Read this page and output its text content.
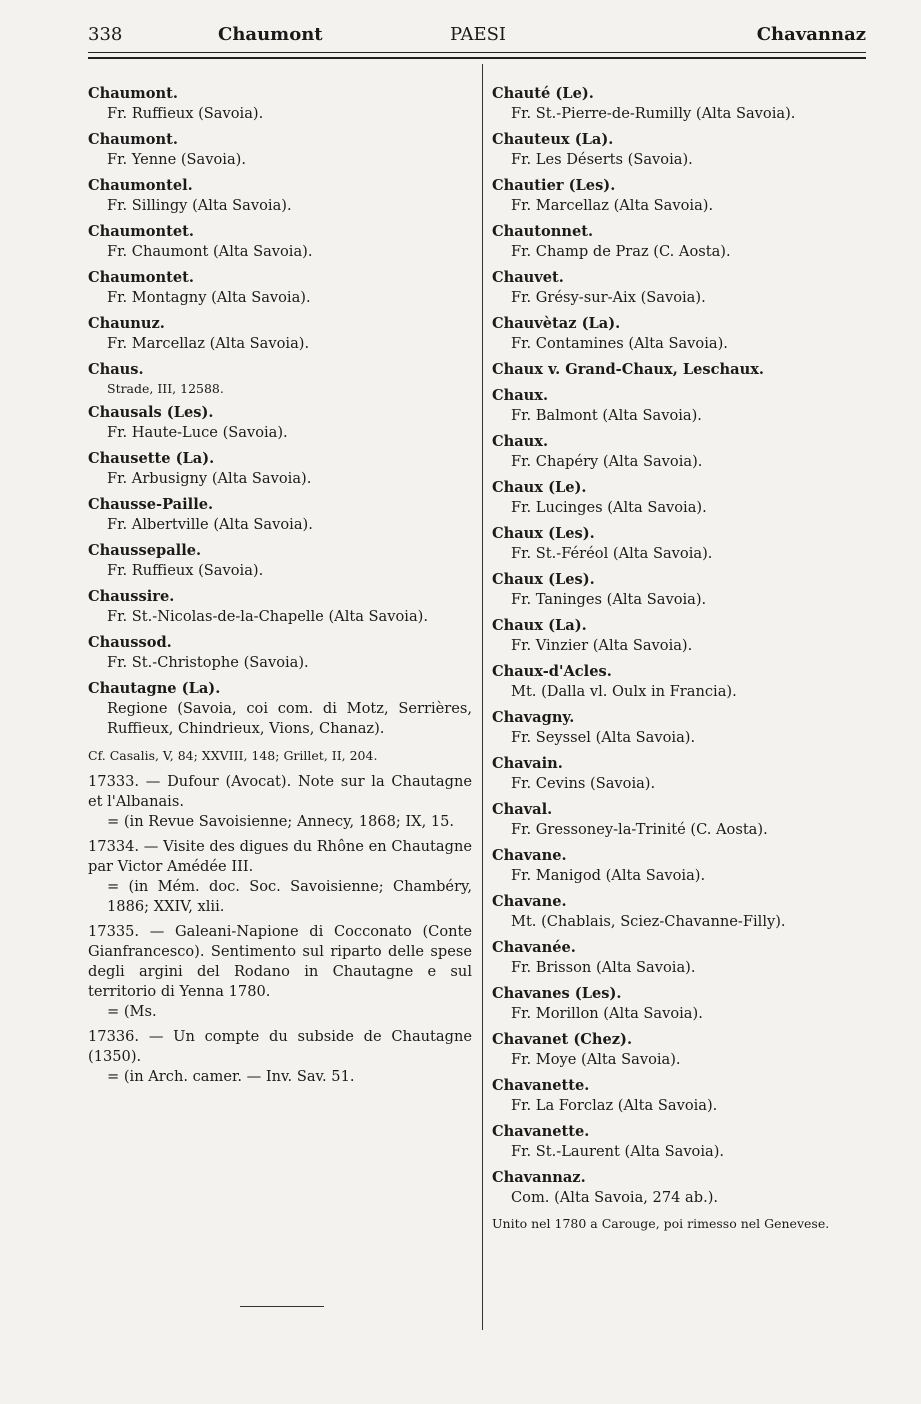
338	Chaumont	PAESI	Chavannaz
Chaumont.
Fr. Ruffieux (Savoia).
Chaumont.
Fr. Yenne (Savoia).
Chaumontel.
Fr. Sillingy (Alta Savoia).
Chaumontet.
Fr. Chaumont (Alta Savoia).
Chaumontet.
Fr. Montagny (Alta Savoia).
Chaunuz.
Fr. Marcellaz (Alta Savoia).
Chaus.
Strade, III, 12588.
Chausals (Les).
Fr. Haute-Luce (Savoia).
Chausette (La).
Fr. Arbusigny (Alta Savoia).
Chausse-Paille.
Fr. Albertville (Alta Savoia).
Chaussepalle.
Fr. Ruffieux (Savoia).
Chaussire.
Fr. St.-Nicolas-de-la-Chapelle (Alta Savoia).
Chaussod.
Fr. St.-Christophe (Savoia).
Chautagne (La).
Regione (Savoia, coi com. di Motz, Serrières, Ruffieux, Chindrieux, Vions, Chanaz).
Cf. Casalis, V, 84; XXVIII, 148; Grillet, II, 204.
17333. — Dufour (Avocat). Note sur la Chautagne et l'Albanais.
= (in Revue Savoisienne; Annecy, 1868; IX, 15.
17334. — Visite des digues du Rhône en Chautagne par Victor Amédée III.
= (in Mém. doc. Soc. Savoisienne; Chambéry, 1886; XXIV, xlii.
17335. — Galeani-Napione di Cocconato (Conte Gianfrancesco). Sentimento sul riparto delle spese degli argini del Rodano in Chautagne e sul territorio di Yenna 1780.
= (Ms.
17336. — Un compte du subside de Chautagne (1350).
= (in Arch. camer. — Inv. Sav. 51.
Chauté (Le).
Fr. St.-Pierre-de-Rumilly (Alta Savoia).
Chauteux (La).
Fr. Les Déserts (Savoia).
Chautier (Les).
Fr. Marcellaz (Alta Savoia).
Chautonnet.
Fr. Champ de Praz (C. Aosta).
Chauvet.
Fr. Grésy-sur-Aix (Savoia).
Chauvètaz (La).
Fr. Contamines (Alta Savoia).
Chaux v. Grand-Chaux, Leschaux.
Chaux.
Fr. Balmont (Alta Savoia).
Chaux.
Fr. Chapéry (Alta Savoia).
Chaux (Le).
Fr. Lucinges (Alta Savoia).
Chaux (Les).
Fr. St.-Féréol (Alta Savoia).
Chaux (Les).
Fr. Taninges (Alta Savoia).
Chaux (La).
Fr. Vinzier (Alta Savoia).
Chaux-d'Acles.
Mt. (Dalla vl. Oulx in Francia).
Chavagny.
Fr. Seyssel (Alta Savoia).
Chavain.
Fr. Cevins (Savoia).
Chaval.
Fr. Gressoney-la-Trinité (C. Aosta).
Chavane.
Fr. Manigod (Alta Savoia).
Chavane.
Mt. (Chablais, Sciez-Chavanne-Filly).
Chavanée.
Fr. Brisson (Alta Savoia).
Chavanes (Les).
Fr. Morillon (Alta Savoia).
Chavanet (Chez).
Fr. Moye (Alta Savoia).
Chavanette.
Fr. La Forclaz (Alta Savoia).
Chavanette.
Fr. St.-Laurent (Alta Savoia).
Chavannaz.
Com. (Alta Savoia, 274 ab.).
Unito nel 1780 a Carouge, poi rimesso nel Genevese.
